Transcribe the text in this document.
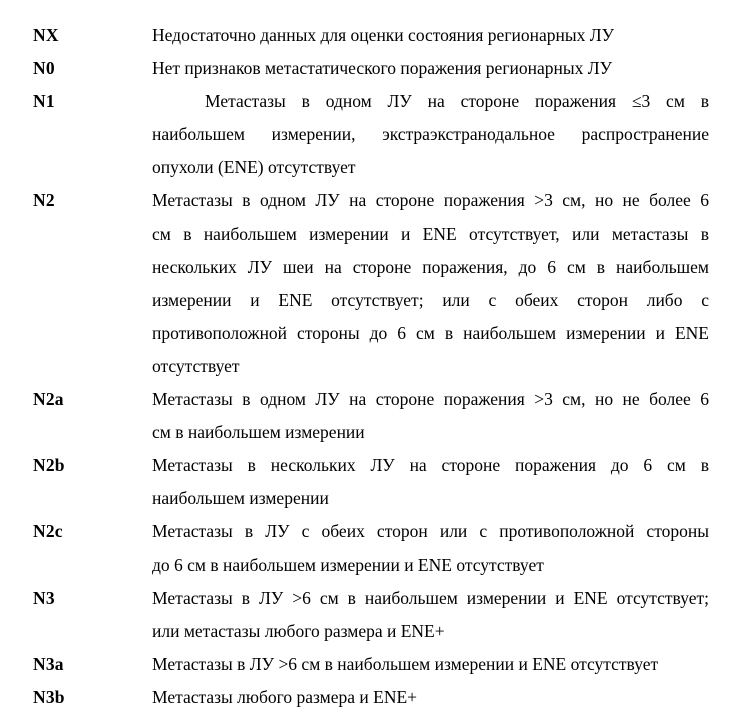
NX	Недостаточно данных для оценки состояния регионарных ЛУ
N0	Нет признаков метастатического поражения регионарных ЛУ
N1	Метастазы в одном ЛУ на стороне поражения ≤3 см в
наибольшем измерении, экстраэкстранодальное распространение
опухоли (ENE) отсутствует
N2	Метастазы в одном ЛУ на стороне поражения >3 см, но не более 6
см в наибольшем измерении и ENE отсутствует, или метастазы в
нескольких ЛУ шеи на стороне поражения, до 6 см в наибольшем
измерении и ENE отсутствует; или с обеих сторон либо с
противоположной стороны до 6 см в наибольшем измерении и ENE
отсутствует
N2a	Метастазы в одном ЛУ на стороне поражения >3 см, но не более 6
см в наибольшем измерении
N2b	Метастазы в нескольких ЛУ на стороне поражения до 6 см в
наибольшем измерении
N2c	Метастазы в ЛУ с обеих сторон или с противоположной стороны
до 6 см в наибольшем измерении и ENE отсутствует
N3	Метастазы в ЛУ >6 см в наибольшем измерении и ENE отсутствует;
или метастазы любого размера и ENE+
N3a	Метастазы в ЛУ >6 см в наибольшем измерении и ENE отсутствует
N3b	Метастазы любого размера и ENE+
